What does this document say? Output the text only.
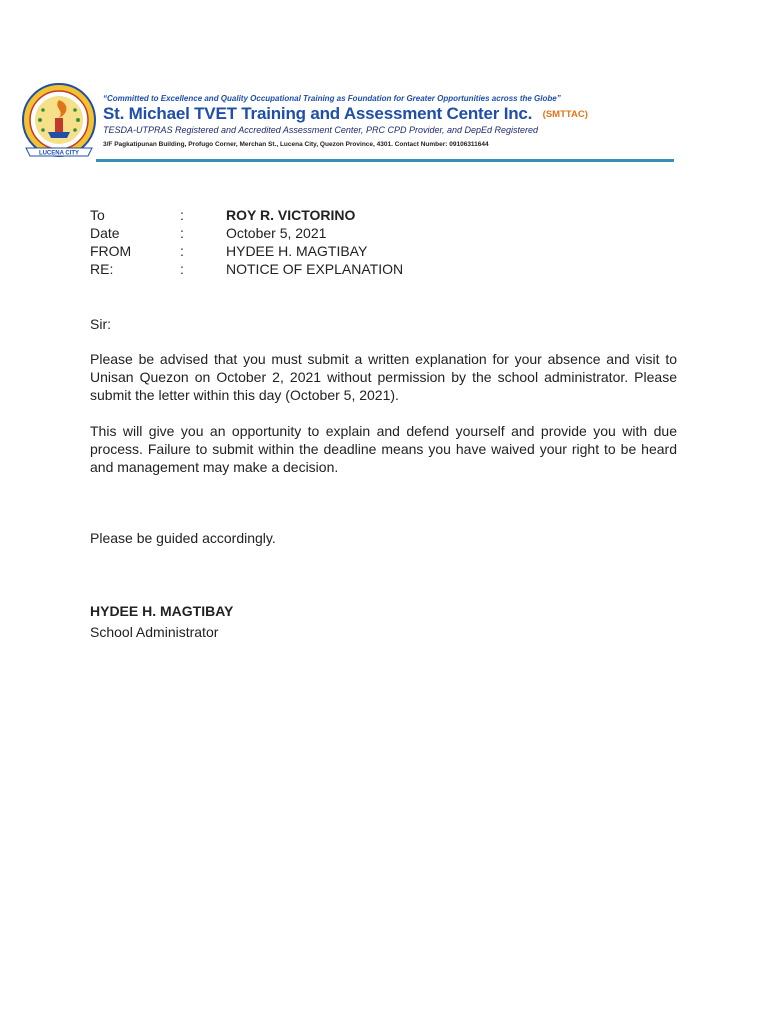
LUCENA CITY
“Committed to Excellence and Quality Occupational Training as Foundation for Greater Opportunities across the Globe”
St. Michael TVET Training and Assessment Center Inc. (SMTTAC)
TESDA-UTPRAS Registered and Accredited Assessment Center, PRC CPD Provider, and DepEd Registered
3/F Pagkatipunan Building, Profugo Corner, Merchan St., Lucena City, Quezon Province, 4301. Contact Number: 09106311644
To	:	ROY R. VICTORINO
Date	:	October 5, 2021
FROM	:	HYDEE H. MAGTIBAY
RE:	:	NOTICE OF EXPLANATION
Sir:

Please be advised that you must submit a written explanation for your absence and visit to Unisan Quezon on October 2, 2021 without permission by the school administrator. Please submit the letter within this day (October 5, 2021).

This will give you an opportunity to explain and defend yourself and provide you with due process. Failure to submit within the deadline means you have waived your right to be heard and management may make a decision.

Please be guided accordingly.
HYDEE H. MAGTIBAY
School Administrator
